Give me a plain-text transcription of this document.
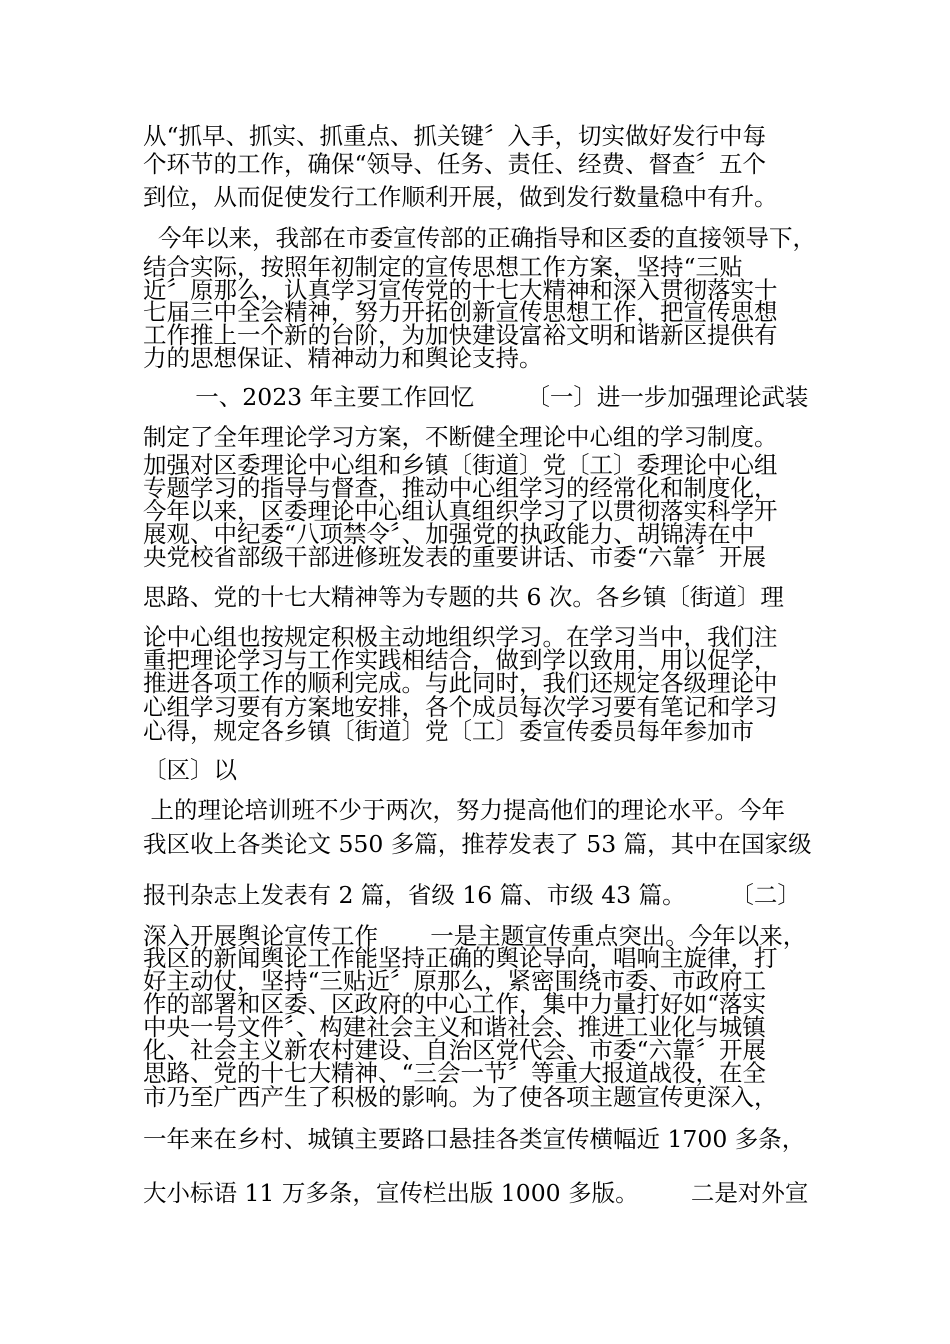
从“抓早、抓实、抓重点、抓关键〞入手，切实做好发行中每
个环节的工作，确保“领导、任务、责任、经费、督查〞五个
到位，从而促使发行工作顺利开展，做到发行数量稳中有升。
今年以来，我部在市委宣传部的正确指导和区委的直接领导下，
结合实际，按照年初制定的宣传思想工作方案，坚持“三贴
近〞原那么，认真学习宣传党的十七大精神和深入贯彻落实十
七届三中全会精神，努力开拓创新宣传思想工作，把宣传思想
工作推上一个新的台阶，为加快建设富裕文明和谐新区提供有
力的思想保证、精神动力和舆论支持。
一、2023 年主要工作回忆       〔一〕进一步加强理论武装
制定了全年理论学习方案，不断健全理论中心组的学习制度。
加强对区委理论中心组和乡镇〔街道〕党〔工〕委理论中心组
专题学习的指导与督查，推动中心组学习的经常化和制度化，
今年以来，区委理论中心组认真组织学习了以贯彻落实科学开
展观、中纪委“八项禁令〞、加强党的执政能力、胡锦涛在中
央党校省部级干部进修班发表的重要讲话、市委“六靠〞开展
思路、党的十七大精神等为专题的共 6 次。各乡镇〔街道〕理
论中心组也按规定积极主动地组织学习。在学习当中，我们注
重把理论学习与工作实践相结合，做到学以致用，用以促学，
推进各项工作的顺利完成。与此同时，我们还规定各级理论中
心组学习要有方案地安排，各个成员每次学习要有笔记和学习
心得，规定各乡镇〔街道〕党〔工〕委宣传委员每年参加市
〔区〕以
上的理论培训班不少于两次，努力提高他们的理论水平。今年
我区收上各类论文 550 多篇，推荐发表了 53 篇，其中在国家级
报刊杂志上发表有 2 篇，省级 16 篇、市级 43 篇。      〔二〕
深入开展舆论宣传工作       一是主题宣传重点突出。今年以来，
我区的新闻舆论工作能坚持正确的舆论导向，唱响主旋律，打
好主动仗，坚持“三贴近〞原那么，紧密围绕市委、市政府工
作的部署和区委、区政府的中心工作，集中力量打好如“落实
中央一号文件〞、构建社会主义和谐社会、推进工业化与城镇
化、社会主义新农村建设、自治区党代会、市委“六靠〞开展
思路、党的十七大精神、“三会一节〞等重大报道战役，在全
市乃至广西产生了积极的影响。为了使各项主题宣传更深入，
一年来在乡村、城镇主要路口悬挂各类宣传横幅近 1700 多条，
大小标语 11 万多条，宣传栏出版 1000 多版。       二是对外宣
